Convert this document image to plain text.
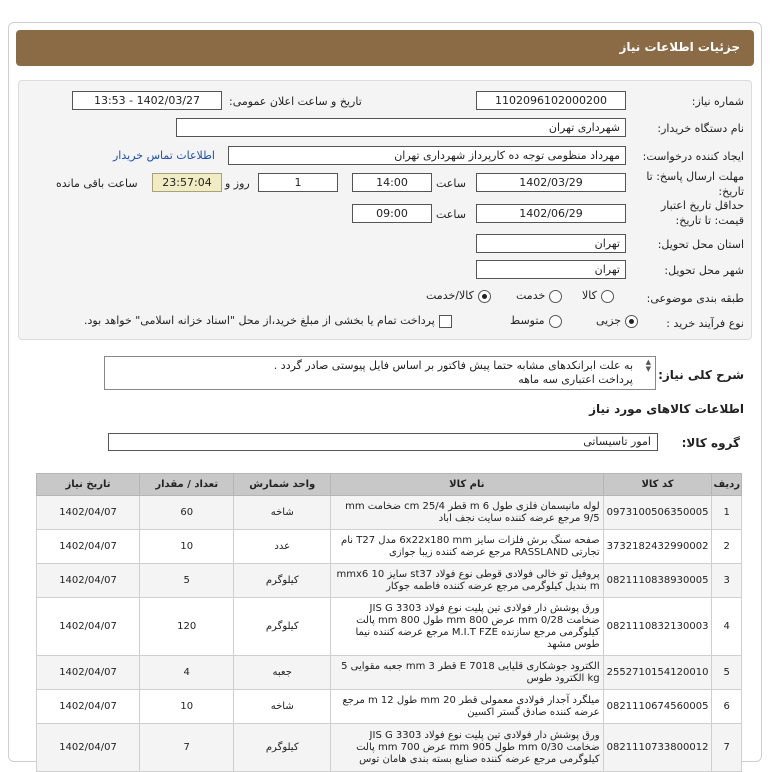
جزئیات اطلاعات نیاز
شماره نیاز:
1102096102000200
تاریخ و ساعت اعلان عمومی:
1402/03/27 - 13:53
نام دستگاه خریدار:
شهرداری تهران
ایجاد کننده درخواست:
مهرداد منظومی توجه ده کارپرداز شهرداری تهران
اطلاعات تماس خریدار
مهلت ارسال پاسخ: تا
تاریخ:
1402/03/29
ساعت
14:00
1
روز و
23:57:04
ساعت باقی مانده
حداقل تاریخ اعتبار
قیمت: تا تاریخ:
1402/06/29
ساعت
09:00
استان محل تحویل:
تهران
شهر محل تحویل:
تهران
طبقه بندی موضوعی:
کالا
خدمت
کالا/خدمت
نوع فرآیند خرید :
جزیی
متوسط
پرداخت تمام یا بخشی از مبلغ خرید،از محل "اسناد خزانه اسلامی" خواهد بود.
شرح کلی نیاز:
به علت ابرانکدهای مشابه حتما پیش فاکتور بر اساس فایل پیوستی صادر گردد .
پرداخت اعتباری سه ماهه
▲
▼
اطلاعات کالاهای مورد نیاز
گروه کالا:
امور تاسیساتی
ردیف	کد کالا	نام کالا	واحد شمارش	تعداد / مقدار	تاریخ نیاز
1	0973100506350005	لوله مانیسمان فلزی طول m 6 قطر cm 25/4 ضخامت mm 9/5 مرجع عرضه کننده سایت نجف اباد	شاخه	60	1402/04/07
2	3732182432990002	صفحه سنگ برش فلزات سایز 6x22x180 mm مدل T27 نام تجارتی RASSLAND مرجع عرضه کننده زیبا جوازی	عدد	10	1402/04/07
3	0821110838930005	پروفیل تو خالی فولادی قوطی نوع فولاد st37 سایز mmx6 10 m بندیل کیلوگرمی مرجع عرضه کننده فاطمه جوکار	کیلوگرم	5	1402/04/07
4	0821110832130003	ورق پوشش دار فولادی تین پلیت نوع فولاد JIS G 3303 ضخامت mm 0/28 عرض mm 800 طول mm 800 پالت کیلوگرمی مرجع سازنده M.I.T FZE مرجع عرضه کننده نیما طوس مشهد	کیلوگرم	120	1402/04/07
5	2552710154120010	الکترود جوشکاری قلیایی E 7018 قطر mm 3 جعبه مقوایی 5 kg الکترود طوس	جعبه	4	1402/04/07
6	0821110674560005	میلگرد آجدار فولادی معمولی قطر mm 20 طول m 12 مرجع عرضه کننده صادق گستر اکسین	شاخه	10	1402/04/07
7	0821110733800012	ورق پوشش دار فولادی تین پلیت نوع فولاد JIS G 3303 ضخامت mm 0/30 طول mm 905 عرض mm 700 پالت کیلوگرمی مرجع عرضه کننده صنایع بسته بندی هامان توس	کیلوگرم	7	1402/04/07
